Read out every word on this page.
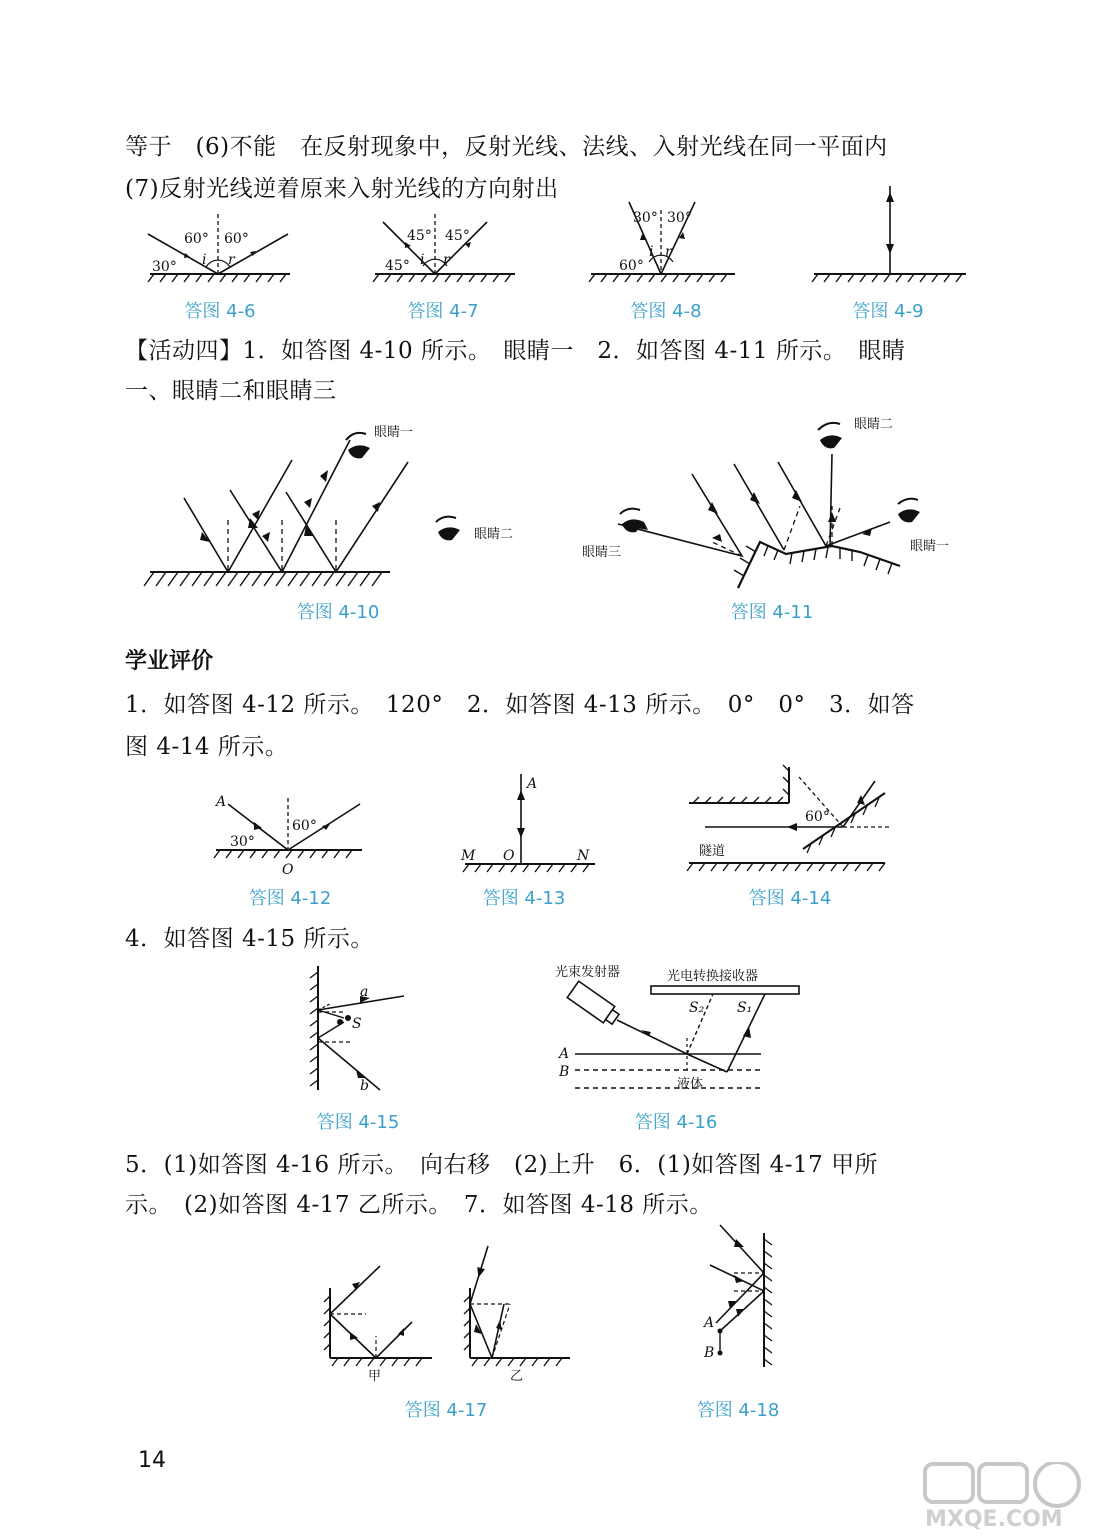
等于　(6)不能　在反射现象中，反射光线、法线、入射光线在同一平面内
(7)反射光线逆着原来入射光线的方向射出
60° 60°
30° i r
答图 4-6
45° 45°
45° i r
答图 4-7
30° 30°
60°
i r
答图 4-8	答图 4-9
【活动四】1．如答图 4-10 所示。　眼睛一　2．如答图 4-11 所示。　眼睛
一、眼睛二和眼睛三
眼睛一
眼睛二
答图 4-10
眼睛二
眼睛三	眼睛一
答图 4-11
学业评价
1．如答图 4-12 所示。　120°　2．如答图 4-13 所示。　0°　0°　3．如答
图 4-14 所示。
A
O
30°
60°
答图 4-12
A
M O	N
答图 4-13
60°
隧道
答图 4-14
4．如答图 4-15 所示。
a
S
b
答图 4-15
光束发射器	光电转换接收器
A
B
液体
S₂ S₁
答图 4-16
5．(1)如答图 4-16 所示。　向右移　(2)上升　6．(1)如答图 4-17 甲所
示。　(2)如答图 4-17 乙所示。　7．如答图 4-18 所示。
甲	乙
答图 4-17
A
B
答图 4-18
14
MXQE.COM
